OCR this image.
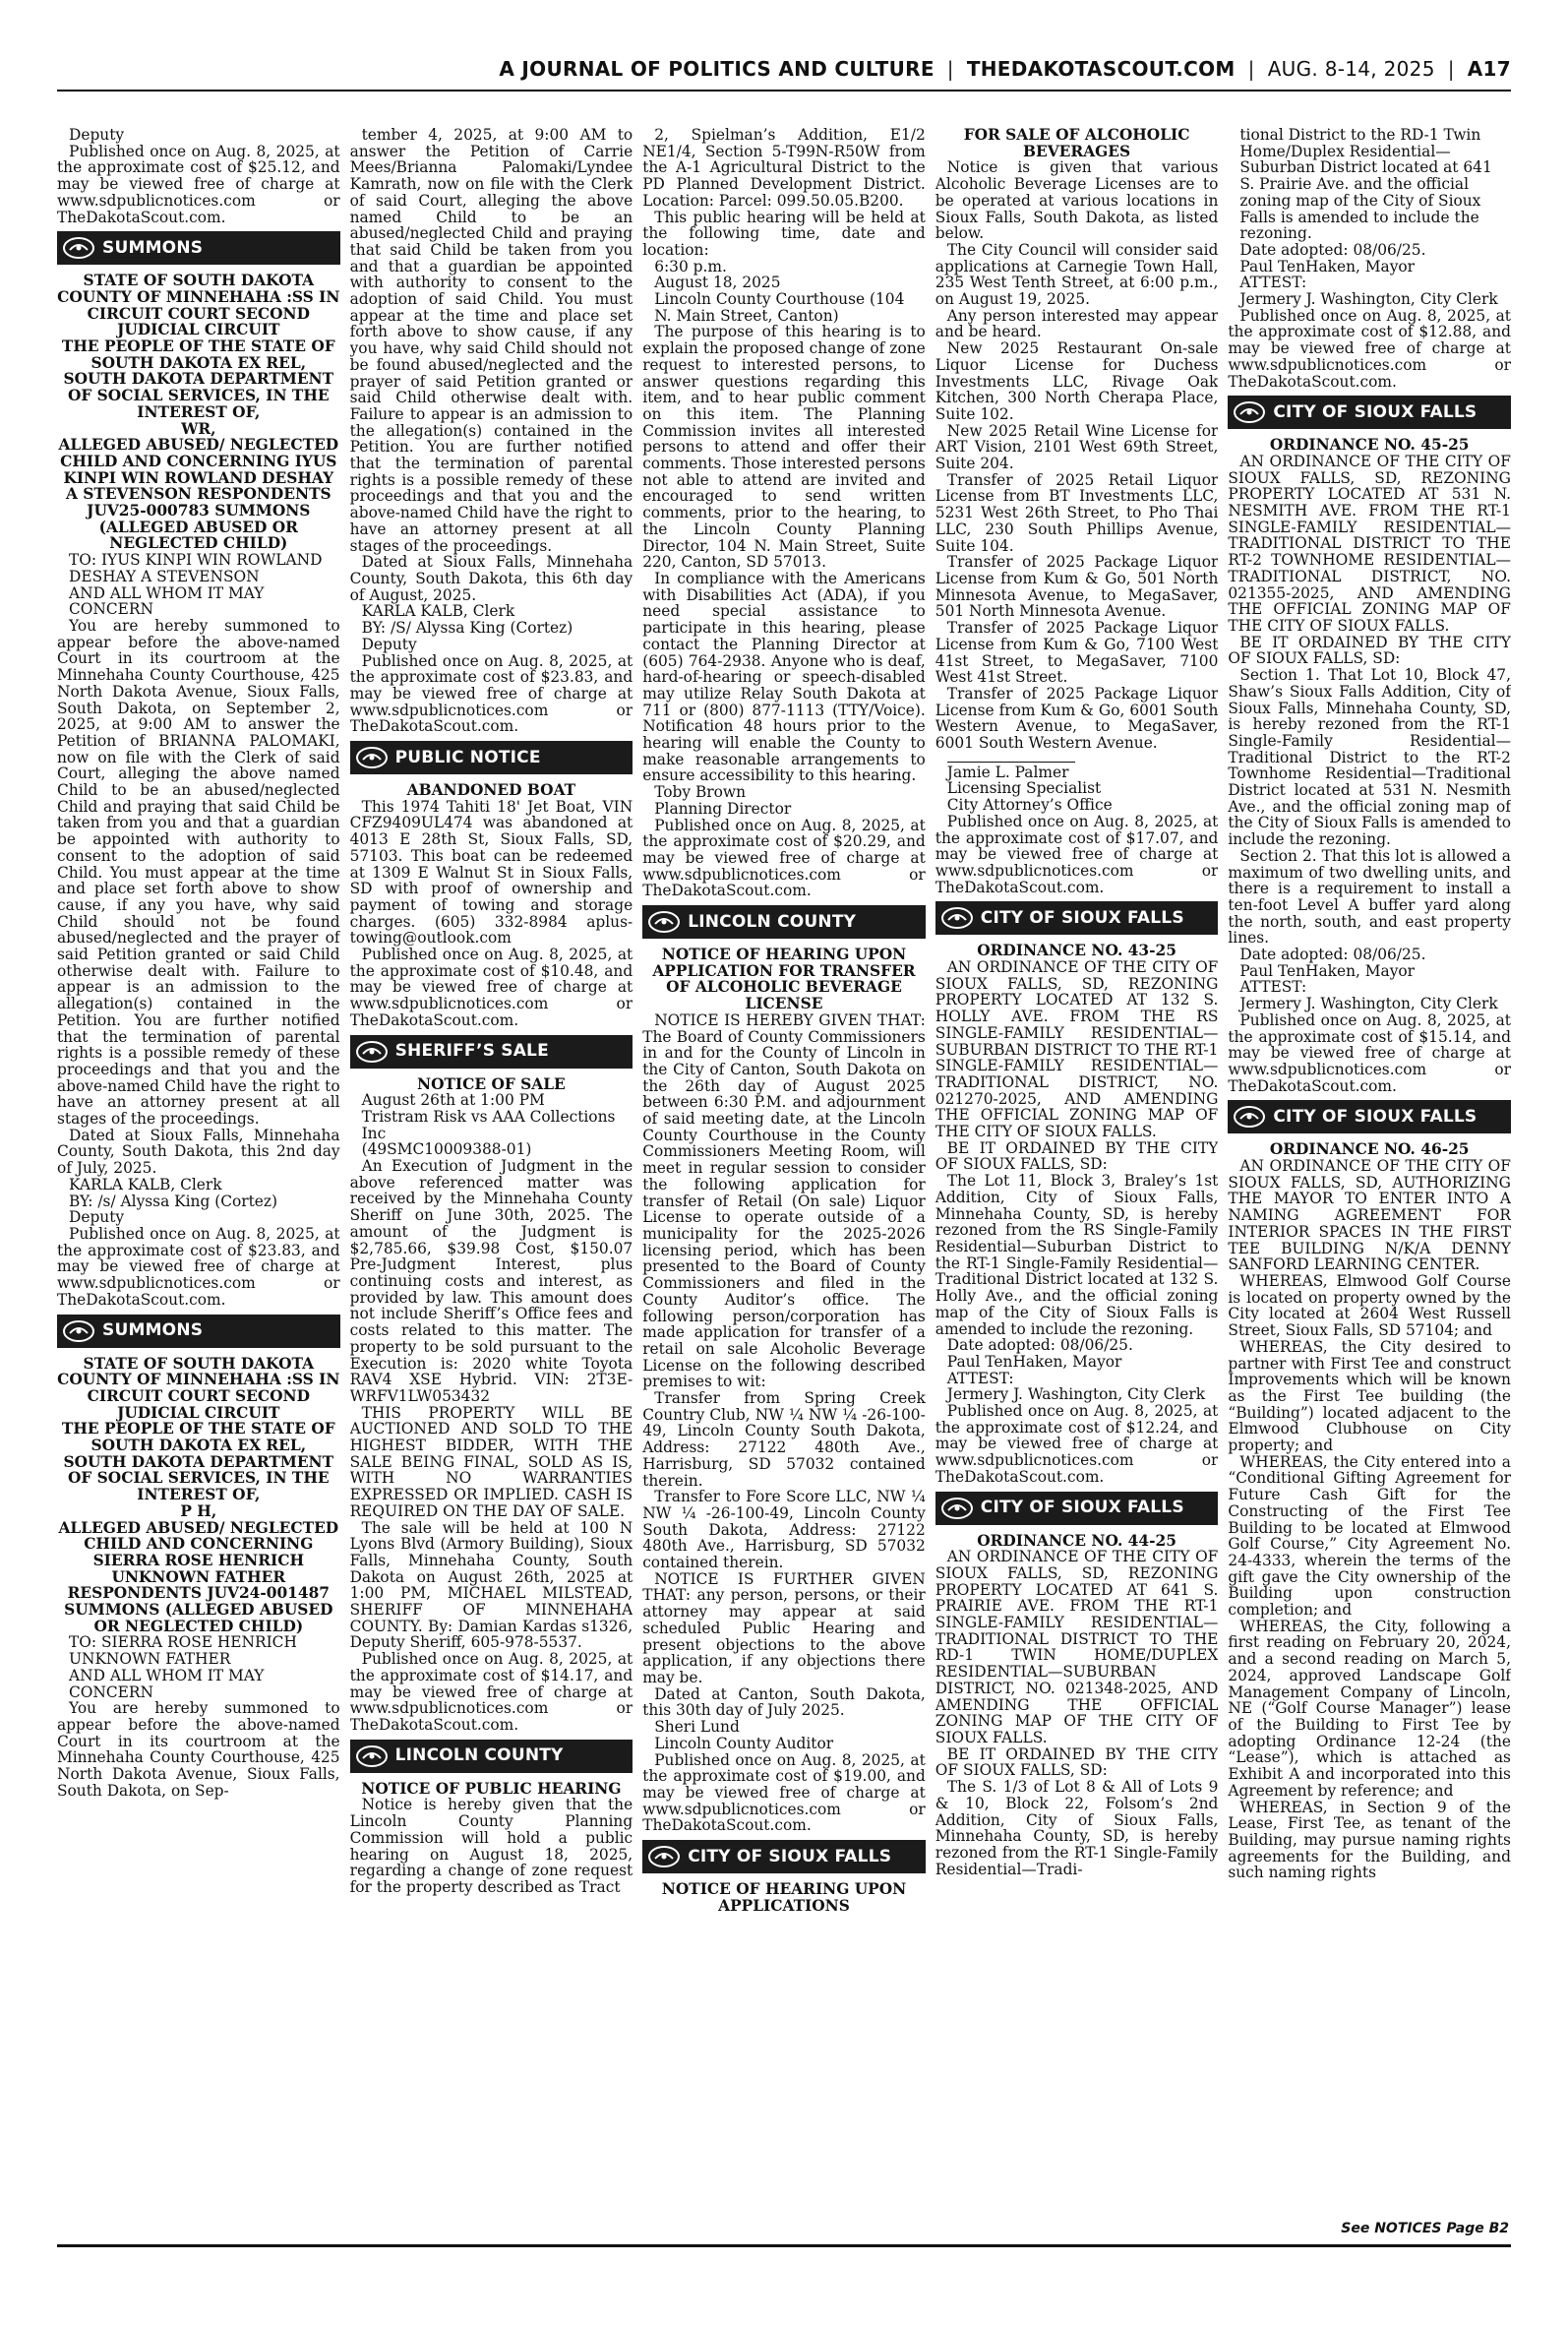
A JOURNAL OF POLITICS AND CULTURE | THEDAKOTASCOUT.COM | AUG. 8-14, 2025 | A17

Deputy

Published once on Aug. 8, 2025, at the approximate cost of $25.12, and may be viewed free of charge at www.sdpublicnotices.com or TheDakotaScout.com.

SUMMONS

STATE OF SOUTH DAKOTA COUNTY OF MINNEHAHA :SS IN CIRCUIT COURT SECOND JUDICIAL CIRCUIT

THE PEOPLE OF THE STATE OF SOUTH DAKOTA EX REL, SOUTH DAKOTA DEPARTMENT OF SOCIAL SERVICES, IN THE INTEREST OF,

WR,

ALLEGED ABUSED/ NEGLECTED CHILD AND CONCERNING IYUS KINPI WIN ROWLAND DESHAY A STEVENSON RESPONDENTS JUV25-000783 SUMMONS (ALLEGED ABUSED OR NEGLECTED CHILD)

TO: IYUS KINPI WIN ROWLAND

DESHAY A STEVENSON

AND ALL WHOM IT MAY CONCERN

You are hereby summoned to appear before the above-named Court in its courtroom at the Minnehaha County Courthouse, 425 North Dakota Avenue, Sioux Falls, South Dakota, on September 2, 2025, at 9:00 AM to answer the Petition of BRIANNA PALOMAKI, now on file with the Clerk of said Court, alleging the above named Child to be an abused/neglected Child and praying that said Child be taken from you and that a guardian be appointed with authority to consent to the adoption of said Child. You must appear at the time and place set forth above to show cause, if any you have, why said Child should not be found abused/neglected and the prayer of said Petition granted or said Child otherwise dealt with. Failure to appear is an admission to the allegation(s) contained in the Petition. You are further notified that the termination of parental rights is a possible remedy of these proceedings and that you and the above-named Child have the right to have an attorney present at all stages of the proceedings.

Dated at Sioux Falls, Minnehaha County, South Dakota, this 2nd day of July, 2025.

KARLA KALB, Clerk

BY: /s/ Alyssa King (Cortez)

Deputy

Published once on Aug. 8, 2025, at the approximate cost of $23.83, and may be viewed free of charge at www.sdpublicnotices.com or TheDakotaScout.com.

SUMMONS

STATE OF SOUTH DAKOTA COUNTY OF MINNEHAHA :SS IN CIRCUIT COURT SECOND JUDICIAL CIRCUIT

THE PEOPLE OF THE STATE OF SOUTH DAKOTA EX REL, SOUTH DAKOTA DEPARTMENT OF SOCIAL SERVICES, IN THE INTEREST OF,

P H,

ALLEGED ABUSED/ NEGLECTED CHILD AND CONCERNING SIERRA ROSE HENRICH UNKNOWN FATHER RESPONDENTS JUV24-001487 SUMMONS (ALLEGED ABUSED OR NEGLECTED CHILD)

TO: SIERRA ROSE HENRICH

UNKNOWN FATHER

AND ALL WHOM IT MAY CONCERN

You are hereby summoned to appear before the above-named Court in its courtroom at the Minnehaha County Courthouse, 425 North Dakota Avenue, Sioux Falls, South Dakota, on Sep-

tember 4, 2025, at 9:00 AM to answer the Petition of Carrie Mees/Brianna Palomaki/Lyndee Kamrath, now on file with the Clerk of said Court, alleging the above named Child to be an abused/neglected Child and praying that said Child be taken from you and that a guardian be appointed with authority to consent to the adoption of said Child. You must appear at the time and place set forth above to show cause, if any you have, why said Child should not be found abused/neglected and the prayer of said Petition granted or said Child otherwise dealt with. Failure to appear is an admission to the allegation(s) contained in the Petition. You are further notified that the termination of parental rights is a possible remedy of these proceedings and that you and the above-named Child have the right to have an attorney present at all stages of the proceedings.

Dated at Sioux Falls, Minnehaha County, South Dakota, this 6th day of August, 2025.

KARLA KALB, Clerk

BY: /S/ Alyssa King (Cortez)

Deputy

Published once on Aug. 8, 2025, at the approximate cost of $23.83, and may be viewed free of charge at www.sdpublicnotices.com or TheDakotaScout.com.

PUBLIC NOTICE

ABANDONED BOAT

This 1974 Tahiti 18' Jet Boat, VIN CFZ9409UL474 was abandoned at 4013 E 28th St, Sioux Falls, SD, 57103. This boat can be redeemed at 1309 E Walnut St in Sioux Falls, SD with proof of ownership and payment of towing and storage charges. (605) 332-8984 aplus-towing@outlook.com

Published once on Aug. 8, 2025, at the approximate cost of $10.48, and may be viewed free of charge at www.sdpublicnotices.com or TheDakotaScout.com.

SHERIFF’S SALE

NOTICE OF SALE

August 26th at 1:00 PM

Tristram Risk vs AAA Collections Inc

(49SMC10009388-01)

An Execution of Judgment in the above referenced matter was received by the Minnehaha County Sheriff on June 30th, 2025. The amount of the Judgment is $2,785.66, $39.98 Cost, $150.07 Pre-Judgment Interest, plus continuing costs and interest, as provided by law. This amount does not include Sheriff’s Office fees and costs related to this matter. The property to be sold pursuant to the Execution is: 2020 white Toyota RAV4 XSE Hybrid. VIN: 2T3E-WRFV1LW053432

THIS PROPERTY WILL BE AUCTIONED AND SOLD TO THE HIGHEST BIDDER, WITH THE SALE BEING FINAL, SOLD AS IS, WITH NO WARRANTIES EXPRESSED OR IMPLIED. CASH IS REQUIRED ON THE DAY OF SALE.

The sale will be held at 100 N Lyons Blvd (Armory Building), Sioux Falls, Minnehaha County, South Dakota on August 26th, 2025 at 1:00 PM, MICHAEL MILSTEAD, SHERIFF OF MINNEHAHA COUNTY. By: Damian Kardas s1326, Deputy Sheriff, 605-978-5537.

Published once on Aug. 8, 2025, at the approximate cost of $14.17, and may be viewed free of charge at www.sdpublicnotices.com or TheDakotaScout.com.

LINCOLN COUNTY

NOTICE OF PUBLIC HEARING

Notice is hereby given that the Lincoln County Planning Commission will hold a public hearing on August 18, 2025, regarding a change of zone request for the property described as Tract

2, Spielman’s Addition, E1/2 NE1/4, Section 5-T99N-R50W from the A-1 Agricultural District to the PD Planned Development District. Location: Parcel: 099.50.05.B200.

This public hearing will be held at the following time, date and location:

6:30 p.m.

August 18, 2025

Lincoln County Courthouse (104 N. Main Street, Canton)

The purpose of this hearing is to explain the proposed change of zone request to interested persons, to answer questions regarding this item, and to hear public comment on this item. The Planning Commission invites all interested persons to attend and offer their comments. Those interested persons not able to attend are invited and encouraged to send written comments, prior to the hearing, to the Lincoln County Planning Director, 104 N. Main Street, Suite 220, Canton, SD 57013.

In compliance with the Americans with Disabilities Act (ADA), if you need special assistance to participate in this hearing, please contact the Planning Director at (605) 764-2938. Anyone who is deaf, hard-of-hearing or speech-disabled may utilize Relay South Dakota at 711 or (800) 877-1113 (TTY/Voice). Notification 48 hours prior to the hearing will enable the County to make reasonable arrangements to ensure accessibility to this hearing.

Toby Brown

Planning Director

Published once on Aug. 8, 2025, at the approximate cost of $20.29, and may be viewed free of charge at www.sdpublicnotices.com or TheDakotaScout.com.

LINCOLN COUNTY

NOTICE OF HEARING UPON APPLICATION FOR TRANSFER OF ALCOHOLIC BEVERAGE LICENSE

NOTICE IS HEREBY GIVEN THAT: The Board of County Commissioners in and for the County of Lincoln in the City of Canton, South Dakota on the 26th day of August 2025 between 6:30 P.M. and adjournment of said meeting date, at the Lincoln County Courthouse in the County Commissioners Meeting Room, will meet in regular session to consider the following application for transfer of Retail (On sale) Liquor License to operate outside of a municipality for the 2025-2026 licensing period, which has been presented to the Board of County Commissioners and filed in the County Auditor’s office. The following person/corporation has made application for transfer of a retail on sale Alcoholic Beverage License on the following described premises to wit:

Transfer from Spring Creek Country Club, NW ¼ NW ¼ -26-100-49, Lincoln County South Dakota, Address: 27122 480th Ave., Harrisburg, SD 57032 contained therein.

Transfer to Fore Score LLC, NW ¼ NW ¼ -26-100-49, Lincoln County South Dakota, Address: 27122 480th Ave., Harrisburg, SD 57032 contained therein.

NOTICE IS FURTHER GIVEN THAT: any person, persons, or their attorney may appear at said scheduled Public Hearing and present objections to the above application, if any objections there may be.

Dated at Canton, South Dakota, this 30th day of July 2025.

Sheri Lund

Lincoln County Auditor

Published once on Aug. 8, 2025, at the approximate cost of $19.00, and may be viewed free of charge at www.sdpublicnotices.com or TheDakotaScout.com.

CITY OF SIOUX FALLS

NOTICE OF HEARING UPON APPLICATIONS

FOR SALE OF ALCOHOLIC BEVERAGES

Notice is given that various Alcoholic Beverage Licenses are to be operated at various locations in Sioux Falls, South Dakota, as listed below.

The City Council will consider said applications at Carnegie Town Hall, 235 West Tenth Street, at 6:00 p.m., on August 19, 2025.

Any person interested may appear and be heard.

New 2025 Restaurant On-sale Liquor License for Duchess Investments LLC, Rivage Oak Kitchen, 300 North Cherapa Place, Suite 102.

New 2025 Retail Wine License for ART Vision, 2101 West 69th Street, Suite 204.

Transfer of 2025 Retail Liquor License from BT Investments LLC, 5231 West 26th Street, to Pho Thai LLC, 230 South Phillips Avenue, Suite 104.

Transfer of 2025 Package Liquor License from Kum & Go, 501 North Minnesota Avenue, to MegaSaver, 501 North Minnesota Avenue.

Transfer of 2025 Package Liquor License from Kum & Go, 7100 West 41st Street, to MegaSaver, 7100 West 41st Street.

Transfer of 2025 Package Liquor License from Kum & Go, 6001 South Western Avenue, to MegaSaver, 6001 South Western Avenue.

Jamie L. Palmer

Licensing Specialist

City Attorney’s Office

Published once on Aug. 8, 2025, at the approximate cost of $17.07, and may be viewed free of charge at www.sdpublicnotices.com or TheDakotaScout.com.

CITY OF SIOUX FALLS

ORDINANCE NO. 43-25

AN ORDINANCE OF THE CITY OF SIOUX FALLS, SD, REZONING PROPERTY LOCATED AT 132 S. HOLLY AVE. FROM THE RS SINGLE-FAMILY RESIDENTIAL—SUBURBAN DISTRICT TO THE RT-1 SINGLE-FAMILY RESIDENTIAL—TRADITIONAL DISTRICT, NO. 021270-2025, AND AMENDING THE OFFICIAL ZONING MAP OF THE CITY OF SIOUX FALLS.

BE IT ORDAINED BY THE CITY OF SIOUX FALLS, SD:

The Lot 11, Block 3, Braley’s 1st Addition, City of Sioux Falls, Minnehaha County, SD, is hereby rezoned from the RS Single-Family Residential—Suburban District to the RT-1 Single-Family Residential—Traditional District located at 132 S. Holly Ave., and the official zoning map of the City of Sioux Falls is amended to include the rezoning.

Date adopted: 08/06/25.

Paul TenHaken, Mayor

ATTEST:

Jermery J. Washington, City Clerk

Published once on Aug. 8, 2025, at the approximate cost of $12.24, and may be viewed free of charge at www.sdpublicnotices.com or TheDakotaScout.com.

CITY OF SIOUX FALLS

ORDINANCE NO. 44-25

AN ORDINANCE OF THE CITY OF SIOUX FALLS, SD, REZONING PROPERTY LOCATED AT 641 S. PRAIRIE AVE. FROM THE RT-1 SINGLE-FAMILY RESIDENTIAL—TRADITIONAL DISTRICT TO THE RD-1 TWIN HOME/DUPLEX RESIDENTIAL—SUBURBAN DISTRICT, NO. 021348-2025, AND AMENDING THE OFFICIAL ZONING MAP OF THE CITY OF SIOUX FALLS.

BE IT ORDAINED BY THE CITY OF SIOUX FALLS, SD:

The S. 1/3 of Lot 8 & All of Lots 9 & 10, Block 22, Folsom’s 2nd Addition, City of Sioux Falls, Minnehaha County, SD, is hereby rezoned from the RT-1 Single-Family Residential—Tradi-

tional District to the RD-1 Twin Home/Duplex Residential—Suburban District located at 641 S. Prairie Ave. and the official zoning map of the City of Sioux Falls is amended to include the rezoning.

Date adopted: 08/06/25.

Paul TenHaken, Mayor

ATTEST:

Jermery J. Washington, City Clerk

Published once on Aug. 8, 2025, at the approximate cost of $12.88, and may be viewed free of charge at www.sdpublicnotices.com or TheDakotaScout.com.

CITY OF SIOUX FALLS

ORDINANCE NO. 45-25

AN ORDINANCE OF THE CITY OF SIOUX FALLS, SD, REZONING PROPERTY LOCATED AT 531 N. NESMITH AVE. FROM THE RT-1 SINGLE-FAMILY RESIDENTIAL—TRADITIONAL DISTRICT TO THE RT-2 TOWNHOME RESIDENTIAL—TRADITIONAL DISTRICT, NO. 021355-2025, AND AMENDING THE OFFICIAL ZONING MAP OF THE CITY OF SIOUX FALLS.

BE IT ORDAINED BY THE CITY OF SIOUX FALLS, SD:

Section 1. That Lot 10, Block 47, Shaw’s Sioux Falls Addition, City of Sioux Falls, Minnehaha County, SD, is hereby rezoned from the RT-1 Single-Family Residential—Traditional District to the RT-2 Townhome Residential—Traditional District located at 531 N. Nesmith Ave., and the official zoning map of the City of Sioux Falls is amended to include the rezoning.

Section 2. That this lot is allowed a maximum of two dwelling units, and there is a requirement to install a ten-foot Level A buffer yard along the north, south, and east property lines.

Date adopted: 08/06/25.

Paul TenHaken, Mayor

ATTEST:

Jermery J. Washington, City Clerk

Published once on Aug. 8, 2025, at the approximate cost of $15.14, and may be viewed free of charge at www.sdpublicnotices.com or TheDakotaScout.com.

CITY OF SIOUX FALLS

ORDINANCE NO. 46-25

AN ORDINANCE OF THE CITY OF SIOUX FALLS, SD, AUTHORIZING THE MAYOR TO ENTER INTO A NAMING AGREEMENT FOR INTERIOR SPACES IN THE FIRST TEE BUILDING N/K/A DENNY SANFORD LEARNING CENTER.

WHEREAS, Elmwood Golf Course is located on property owned by the City located at 2604 West Russell Street, Sioux Falls, SD 57104; and

WHEREAS, the City desired to partner with First Tee and construct Improvements which will be known as the First Tee building (the “Building”) located adjacent to the Elmwood Clubhouse on City property; and

WHEREAS, the City entered into a “Conditional Gifting Agreement for Future Cash Gift for the Constructing of the First Tee Building to be located at Elmwood Golf Course,” City Agreement No. 24-4333, wherein the terms of the gift gave the City ownership of the Building upon construction completion; and

WHEREAS, the City, following a first reading on February 20, 2024, and a second reading on March 5, 2024, approved Landscape Golf Management Company of Lincoln, NE (“Golf Course Manager”) lease of the Building to First Tee by adopting Ordinance 12-24 (the “Lease”), which is attached as Exhibit A and incorporated into this Agreement by reference; and

WHEREAS, in Section 9 of the Lease, First Tee, as tenant of the Building, may pursue naming rights agreements for the Building, and such naming rights

See NOTICES Page B2
